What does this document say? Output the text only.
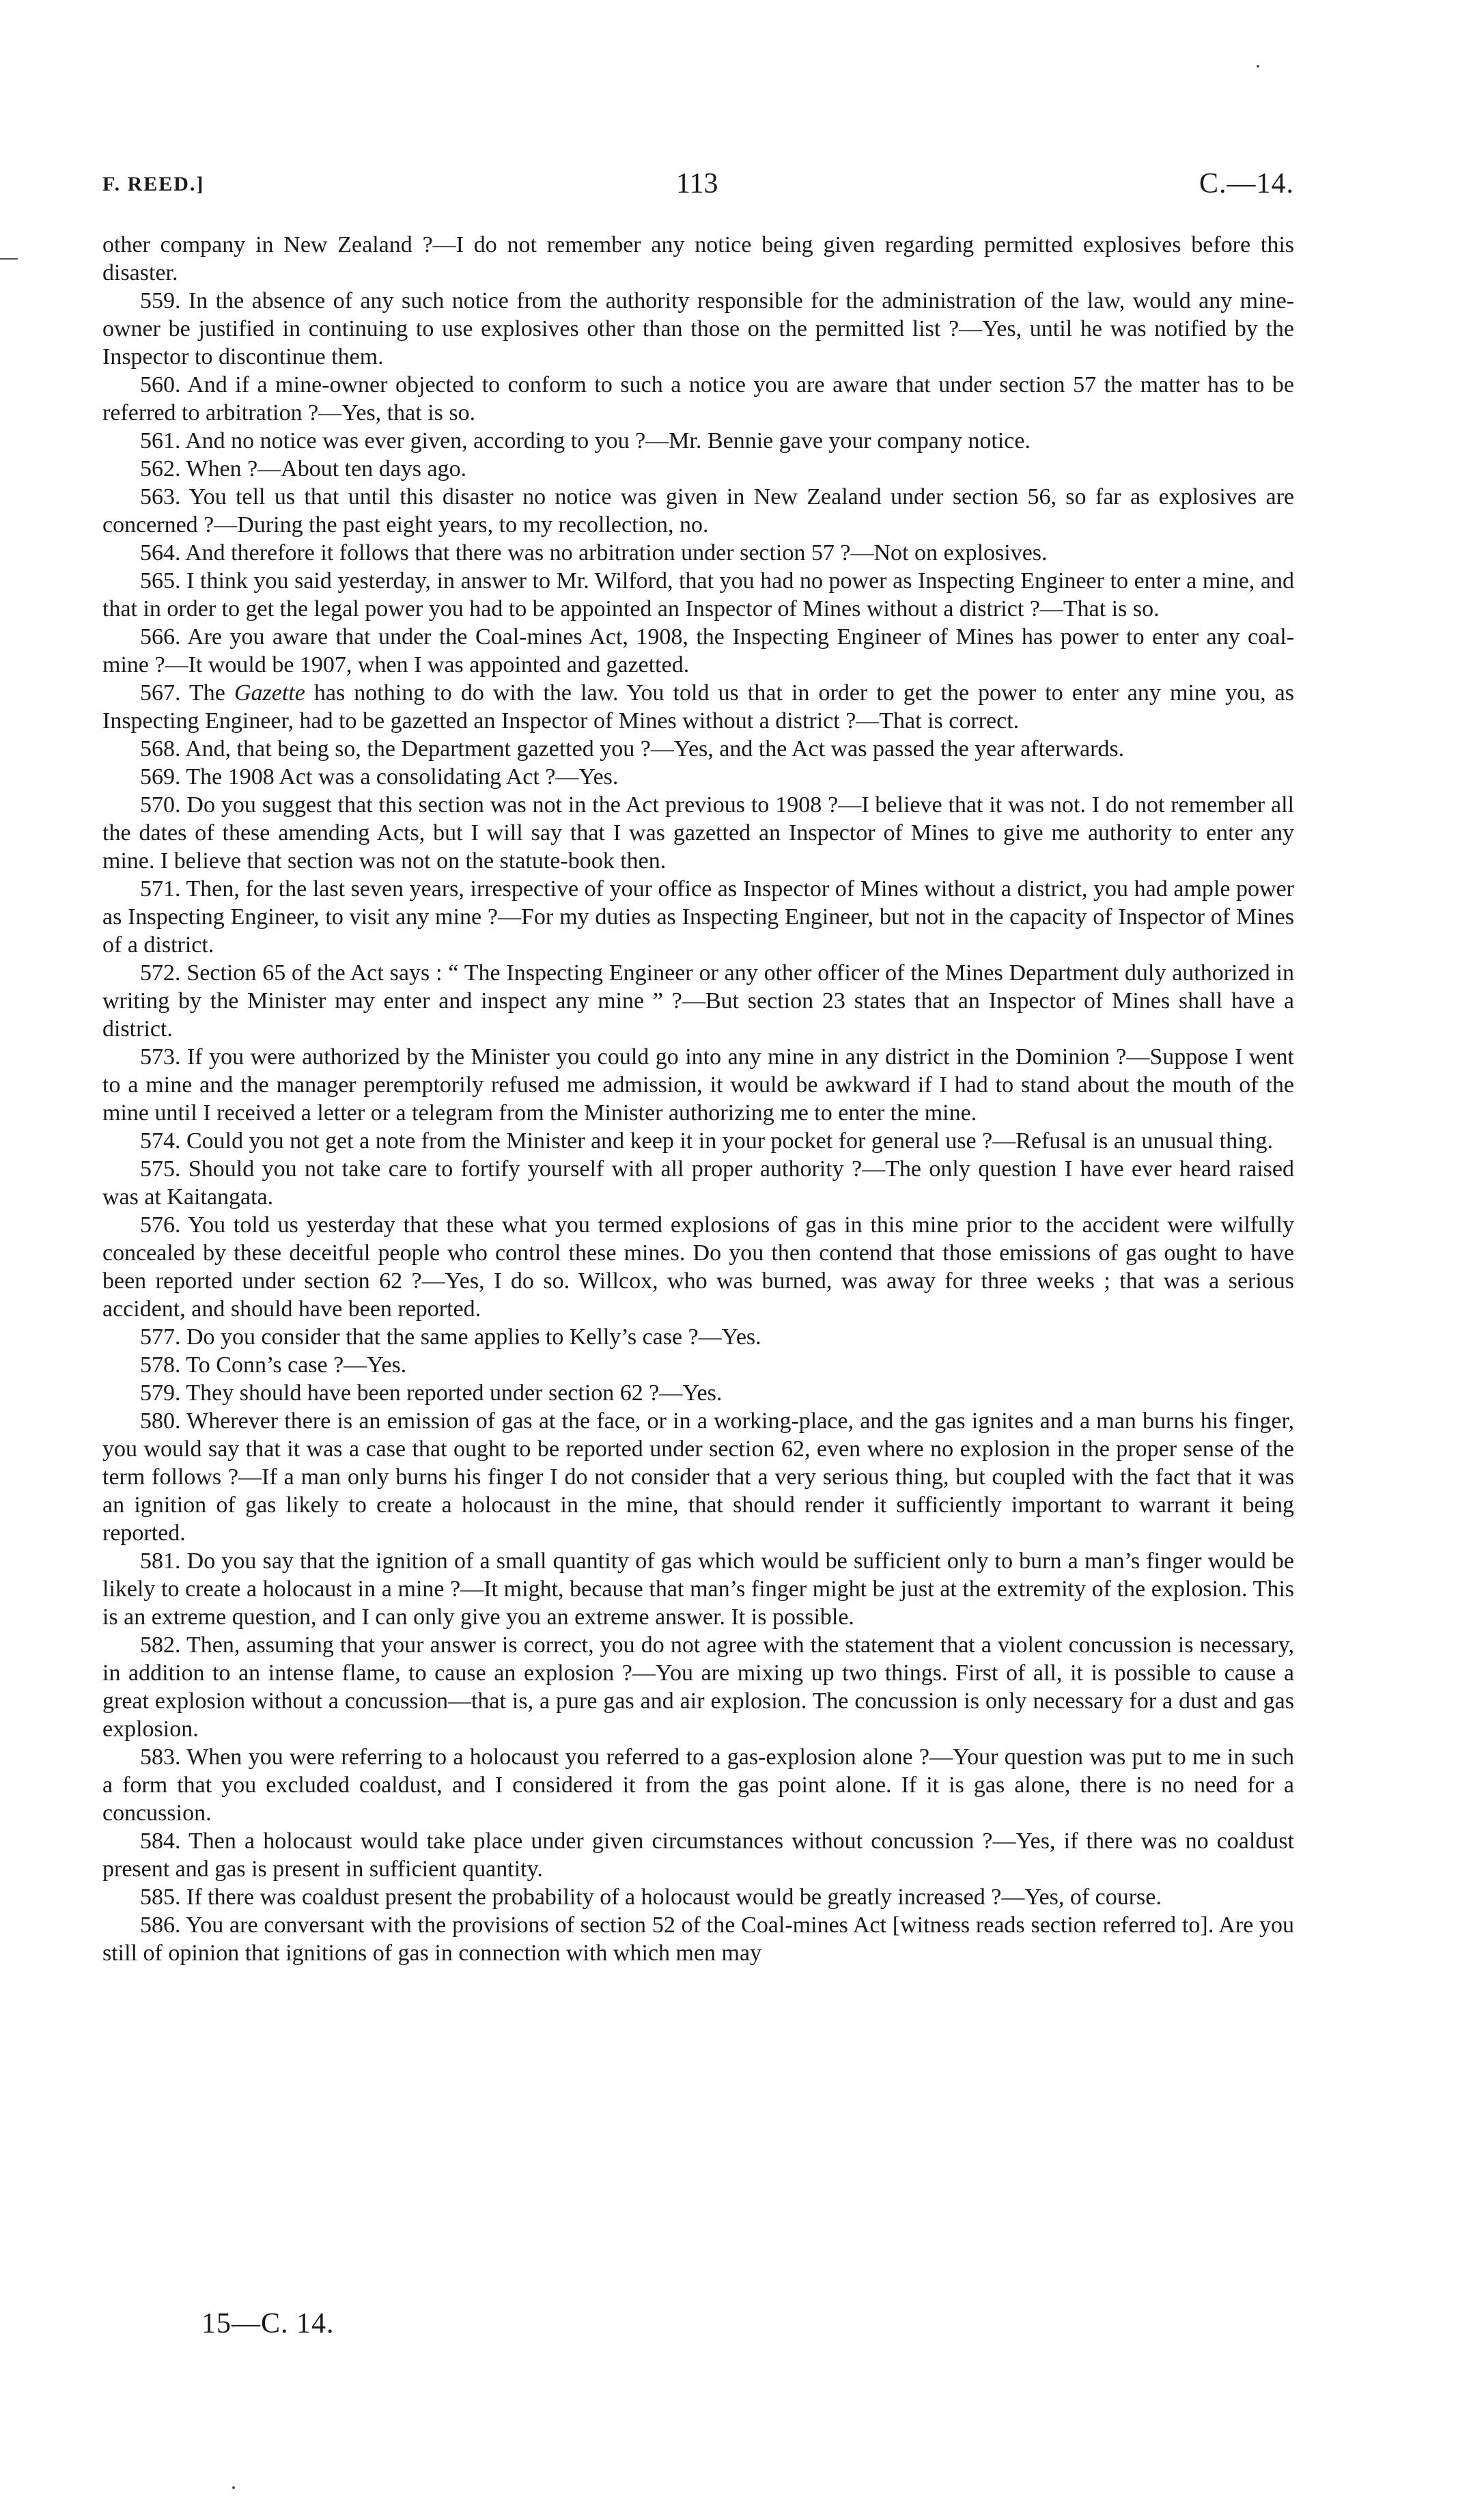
F. REED.]	113	C.—14.

other company in New Zealand ?—I do not remember any notice being given regarding permitted explosives before this disaster.

559. In the absence of any such notice from the authority responsible for the administration of the law, would any mine-owner be justified in continuing to use explosives other than those on the permitted list ?—Yes, until he was notified by the Inspector to discontinue them.

560. And if a mine-owner objected to conform to such a notice you are aware that under section 57 the matter has to be referred to arbitration ?—Yes, that is so.

561. And no notice was ever given, according to you ?—Mr. Bennie gave your company notice.

562. When ?—About ten days ago.

563. You tell us that until this disaster no notice was given in New Zealand under section 56, so far as explosives are concerned ?—During the past eight years, to my recollection, no.

564. And therefore it follows that there was no arbitration under section 57 ?—Not on explosives.

565. I think you said yesterday, in answer to Mr. Wilford, that you had no power as Inspecting Engineer to enter a mine, and that in order to get the legal power you had to be appointed an Inspector of Mines without a district ?—That is so.

566. Are you aware that under the Coal-mines Act, 1908, the Inspecting Engineer of Mines has power to enter any coal-mine ?—It would be 1907, when I was appointed and gazetted.

567. The Gazette has nothing to do with the law. You told us that in order to get the power to enter any mine you, as Inspecting Engineer, had to be gazetted an Inspector of Mines without a district ?—That is correct.

568. And, that being so, the Department gazetted you ?—Yes, and the Act was passed the year afterwards.

569. The 1908 Act was a consolidating Act ?—Yes.

570. Do you suggest that this section was not in the Act previous to 1908 ?—I believe that it was not. I do not remember all the dates of these amending Acts, but I will say that I was gazetted an Inspector of Mines to give me authority to enter any mine. I believe that section was not on the statute-book then.

571. Then, for the last seven years, irrespective of your office as Inspector of Mines without a district, you had ample power as Inspecting Engineer, to visit any mine ?—For my duties as Inspecting Engineer, but not in the capacity of Inspector of Mines of a district.

572. Section 65 of the Act says : “ The Inspecting Engineer or any other officer of the Mines Department duly authorized in writing by the Minister may enter and inspect any mine ” ?—But section 23 states that an Inspector of Mines shall have a district.

573. If you were authorized by the Minister you could go into any mine in any district in the Dominion ?—Suppose I went to a mine and the manager peremptorily refused me admission, it would be awkward if I had to stand about the mouth of the mine until I received a letter or a telegram from the Minister authorizing me to enter the mine.

574. Could you not get a note from the Minister and keep it in your pocket for general use ?—Refusal is an unusual thing.

575. Should you not take care to fortify yourself with all proper authority ?—The only question I have ever heard raised was at Kaitangata.

576. You told us yesterday that these what you termed explosions of gas in this mine prior to the accident were wilfully concealed by these deceitful people who control these mines. Do you then contend that those emissions of gas ought to have been reported under section 62 ?—Yes, I do so. Willcox, who was burned, was away for three weeks ; that was a serious accident, and should have been reported.

577. Do you consider that the same applies to Kelly’s case ?—Yes.

578. To Conn’s case ?—Yes.

579. They should have been reported under section 62 ?—Yes.

580. Wherever there is an emission of gas at the face, or in a working-place, and the gas ignites and a man burns his finger, you would say that it was a case that ought to be reported under section 62, even where no explosion in the proper sense of the term follows ?—If a man only burns his finger I do not consider that a very serious thing, but coupled with the fact that it was an ignition of gas likely to create a holocaust in the mine, that should render it sufficiently important to warrant it being reported.

581. Do you say that the ignition of a small quantity of gas which would be sufficient only to burn a man’s finger would be likely to create a holocaust in a mine ?—It might, because that man’s finger might be just at the extremity of the explosion. This is an extreme question, and I can only give you an extreme answer. It is possible.

582. Then, assuming that your answer is correct, you do not agree with the statement that a violent concussion is necessary, in addition to an intense flame, to cause an explosion ?—You are mixing up two things. First of all, it is possible to cause a great explosion without a concussion—that is, a pure gas and air explosion. The concussion is only necessary for a dust and gas explosion.

583. When you were referring to a holocaust you referred to a gas-explosion alone ?—Your question was put to me in such a form that you excluded coaldust, and I considered it from the gas point alone. If it is gas alone, there is no need for a concussion.

584. Then a holocaust would take place under given circumstances without concussion ?—Yes, if there was no coaldust present and gas is present in sufficient quantity.

585. If there was coaldust present the probability of a holocaust would be greatly increased ?—Yes, of course.

586. You are conversant with the provisions of section 52 of the Coal-mines Act [witness reads section referred to]. Are you still of opinion that ignitions of gas in connection with which men may

15—C. 14.
